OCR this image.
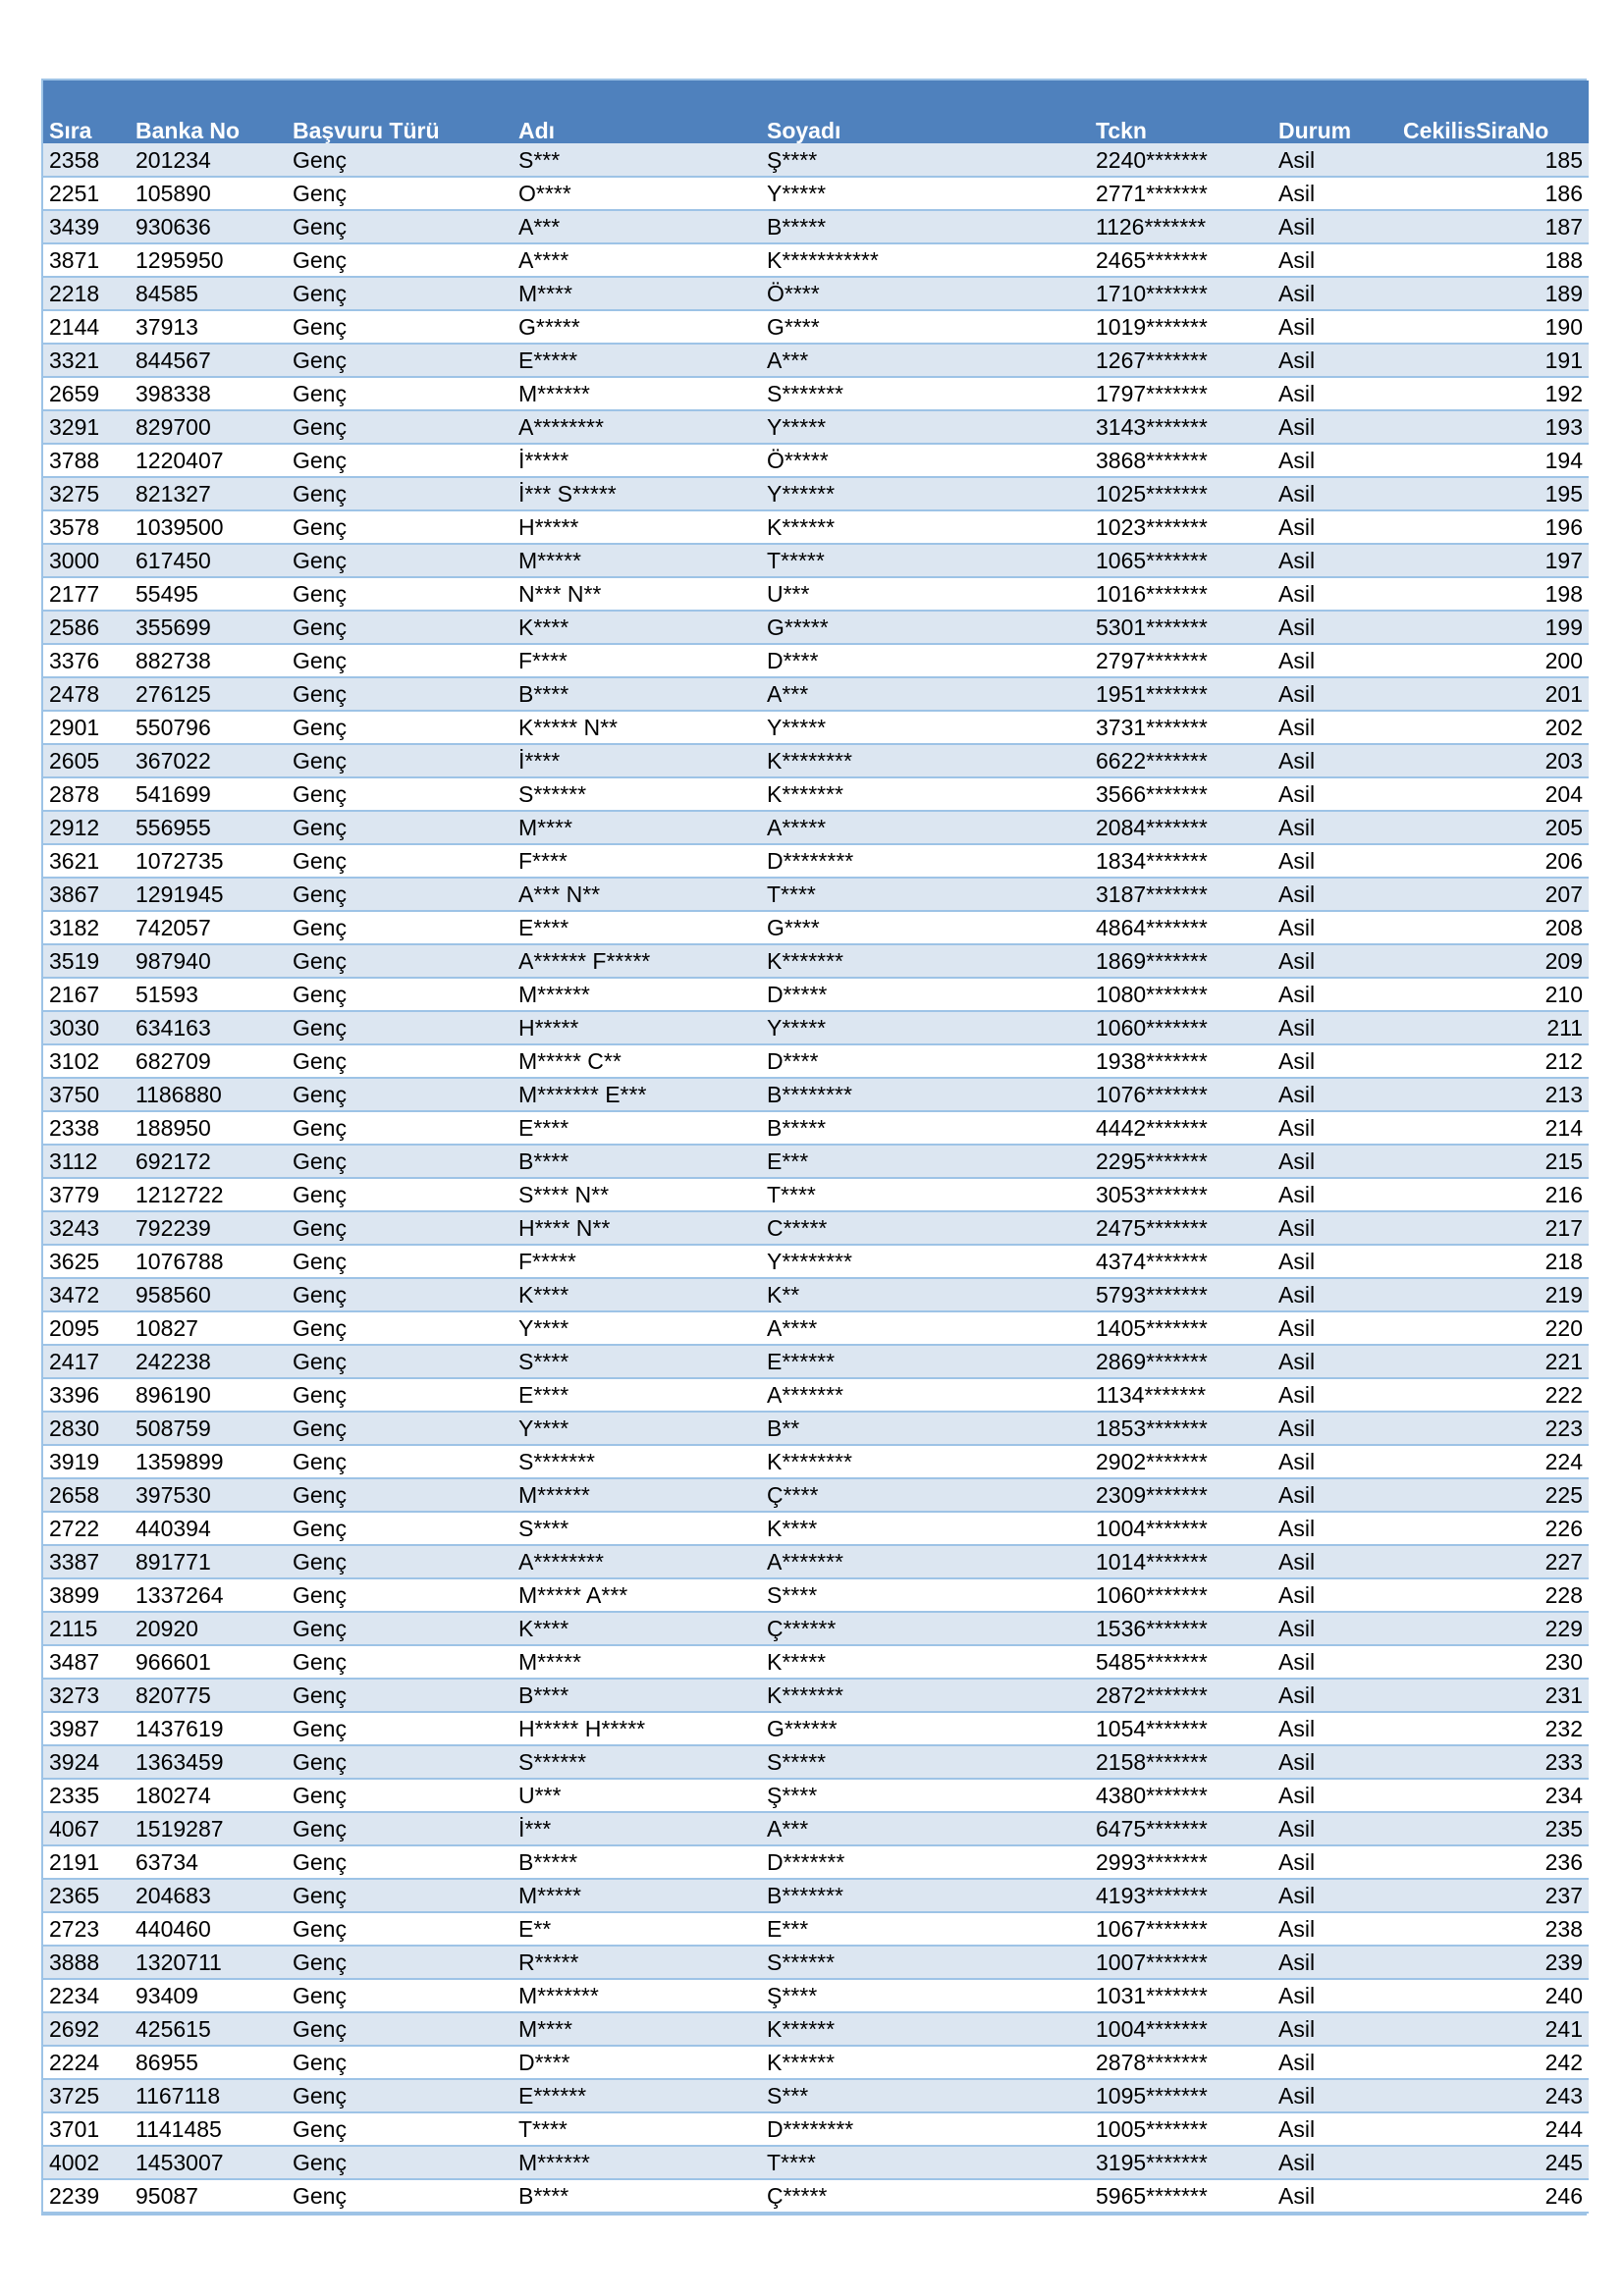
Sıra	Banka No	Başvuru Türü	Adı	Soyadı	Tckn	Durum	CekilisSiraNo
2358	201234	Genç	S***	Ş****	2240*******	Asil	185
2251	105890	Genç	O****	Y*****	2771*******	Asil	186
3439	930636	Genç	A***	B*****	1126*******	Asil	187
3871	1295950	Genç	A****	K***********	2465*******	Asil	188
2218	84585	Genç	M****	Ö****	1710*******	Asil	189
2144	37913	Genç	G*****	G****	1019*******	Asil	190
3321	844567	Genç	E*****	A***	1267*******	Asil	191
2659	398338	Genç	M******	S*******	1797*******	Asil	192
3291	829700	Genç	A********	Y*****	3143*******	Asil	193
3788	1220407	Genç	İ*****	Ö*****	3868*******	Asil	194
3275	821327	Genç	İ*** S*****	Y******	1025*******	Asil	195
3578	1039500	Genç	H*****	K******	1023*******	Asil	196
3000	617450	Genç	M*****	T*****	1065*******	Asil	197
2177	55495	Genç	N*** N**	U***	1016*******	Asil	198
2586	355699	Genç	K****	G*****	5301*******	Asil	199
3376	882738	Genç	F****	D****	2797*******	Asil	200
2478	276125	Genç	B****	A***	1951*******	Asil	201
2901	550796	Genç	K***** N**	Y*****	3731*******	Asil	202
2605	367022	Genç	İ****	K********	6622*******	Asil	203
2878	541699	Genç	S******	K*******	3566*******	Asil	204
2912	556955	Genç	M****	A*****	2084*******	Asil	205
3621	1072735	Genç	F****	D********	1834*******	Asil	206
3867	1291945	Genç	A*** N**	T****	3187*******	Asil	207
3182	742057	Genç	E****	G****	4864*******	Asil	208
3519	987940	Genç	A****** F*****	K*******	1869*******	Asil	209
2167	51593	Genç	M******	D*****	1080*******	Asil	210
3030	634163	Genç	H*****	Y*****	1060*******	Asil	211
3102	682709	Genç	M***** C**	D****	1938*******	Asil	212
3750	1186880	Genç	M******* E***	B********	1076*******	Asil	213
2338	188950	Genç	E****	B*****	4442*******	Asil	214
3112	692172	Genç	B****	E***	2295*******	Asil	215
3779	1212722	Genç	S**** N**	T****	3053*******	Asil	216
3243	792239	Genç	H**** N**	C*****	2475*******	Asil	217
3625	1076788	Genç	F*****	Y********	4374*******	Asil	218
3472	958560	Genç	K****	K**	5793*******	Asil	219
2095	10827	Genç	Y****	A****	1405*******	Asil	220
2417	242238	Genç	S****	E******	2869*******	Asil	221
3396	896190	Genç	E****	A*******	1134*******	Asil	222
2830	508759	Genç	Y****	B**	1853*******	Asil	223
3919	1359899	Genç	S*******	K********	2902*******	Asil	224
2658	397530	Genç	M******	Ç****	2309*******	Asil	225
2722	440394	Genç	S****	K****	1004*******	Asil	226
3387	891771	Genç	A********	A*******	1014*******	Asil	227
3899	1337264	Genç	M***** A***	S****	1060*******	Asil	228
2115	20920	Genç	K****	Ç******	1536*******	Asil	229
3487	966601	Genç	M*****	K*****	5485*******	Asil	230
3273	820775	Genç	B****	K*******	2872*******	Asil	231
3987	1437619	Genç	H***** H*****	G******	1054*******	Asil	232
3924	1363459	Genç	S******	S*****	2158*******	Asil	233
2335	180274	Genç	U***	Ş****	4380*******	Asil	234
4067	1519287	Genç	İ***	A***	6475*******	Asil	235
2191	63734	Genç	B*****	D*******	2993*******	Asil	236
2365	204683	Genç	M*****	B*******	4193*******	Asil	237
2723	440460	Genç	E**	E***	1067*******	Asil	238
3888	1320711	Genç	R*****	S******	1007*******	Asil	239
2234	93409	Genç	M*******	Ş****	1031*******	Asil	240
2692	425615	Genç	M****	K******	1004*******	Asil	241
2224	86955	Genç	D****	K******	2878*******	Asil	242
3725	1167118	Genç	E******	S***	1095*******	Asil	243
3701	1141485	Genç	T****	D********	1005*******	Asil	244
4002	1453007	Genç	M******	T****	3195*******	Asil	245
2239	95087	Genç	B****	Ç*****	5965*******	Asil	246
